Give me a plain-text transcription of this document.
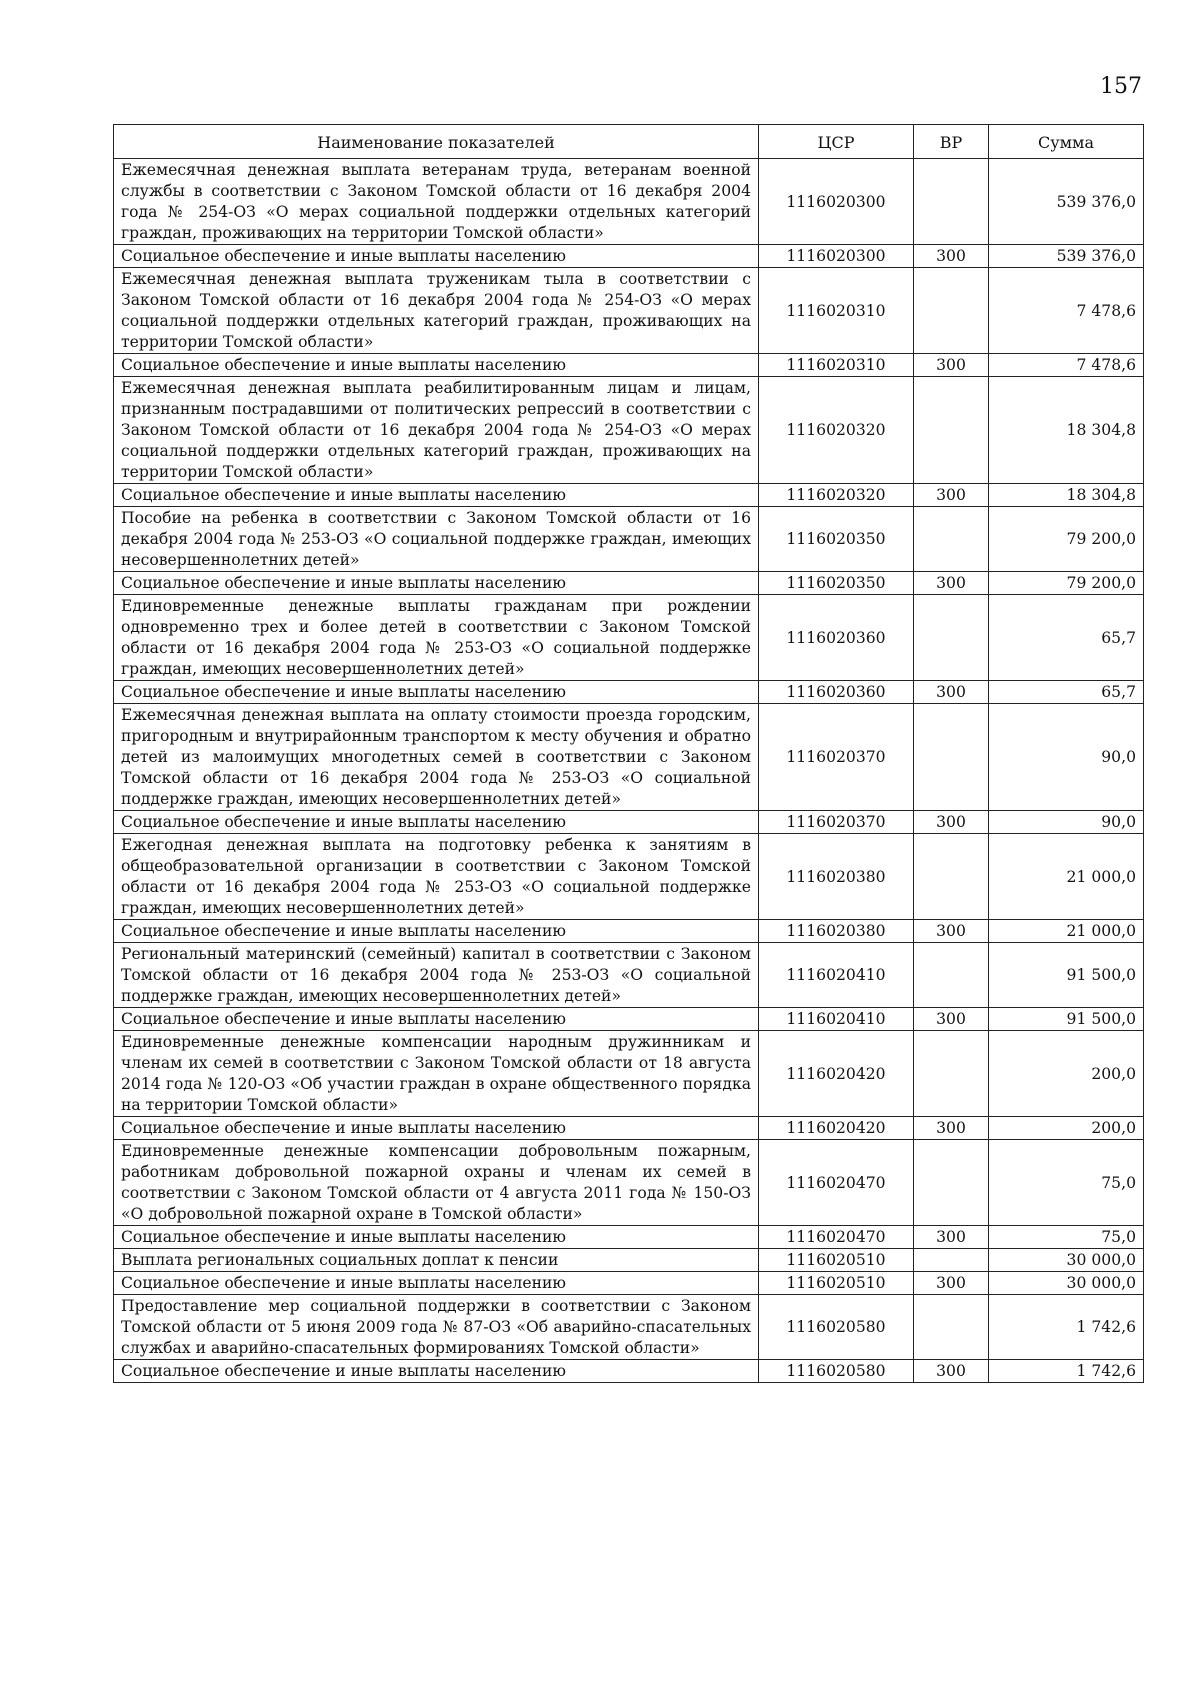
157
Наименование показателей	ЦСР	ВР	Сумма
Ежемесячная денежная выплата ветеранам труда, ветеранам военной службы в соответствии с Законом Томской области от 16 декабря 2004 года № 254-ОЗ «О мерах социальной поддержки отдельных категорий граждан, проживающих на территории Томской области»	1116020300		539 376,0
Социальное обеспечение и иные выплаты населению	1116020300	300	539 376,0
Ежемесячная денежная выплата труженикам тыла в соответствии с Законом Томской области от 16 декабря 2004 года № 254-ОЗ «О мерах социальной поддержки отдельных категорий граждан, проживающих на территории Томской области»	1116020310		7 478,6
Социальное обеспечение и иные выплаты населению	1116020310	300	7 478,6
Ежемесячная денежная выплата реабилитированным лицам и лицам, признанным пострадавшими от политических репрессий в соответствии с Законом Томской области от 16 декабря 2004 года № 254-ОЗ «О мерах социальной поддержки отдельных категорий граждан, проживающих на территории Томской области»	1116020320		18 304,8
Социальное обеспечение и иные выплаты населению	1116020320	300	18 304,8
Пособие на ребенка в соответствии с Законом Томской области от 16 декабря 2004 года № 253-ОЗ «О социальной поддержке граждан, имеющих несовершеннолетних детей»	1116020350		79 200,0
Социальное обеспечение и иные выплаты населению	1116020350	300	79 200,0
Единовременные денежные выплаты гражданам при рождении одновременно трех и более детей в соответствии с Законом Томской области от 16 декабря 2004 года № 253-ОЗ «О социальной поддержке граждан, имеющих несовершеннолетних детей»	1116020360		65,7
Социальное обеспечение и иные выплаты населению	1116020360	300	65,7
Ежемесячная денежная выплата на оплату стоимости проезда городским, пригородным и внутрирайонным транспортом к месту обучения и обратно детей из малоимущих многодетных семей в соответствии с Законом Томской области от 16 декабря 2004 года № 253-ОЗ «О социальной поддержке граждан, имеющих несовершеннолетних детей»	1116020370		90,0
Социальное обеспечение и иные выплаты населению	1116020370	300	90,0
Ежегодная денежная выплата на подготовку ребенка к занятиям в общеобразовательной организации в соответствии с Законом Томской области от 16 декабря 2004 года № 253-ОЗ «О социальной поддержке граждан, имеющих несовершеннолетних детей»	1116020380		21 000,0
Социальное обеспечение и иные выплаты населению	1116020380	300	21 000,0
Региональный материнский (семейный) капитал в соответствии с Законом Томской области от 16 декабря 2004 года № 253-ОЗ «О социальной поддержке граждан, имеющих несовершеннолетних детей»	1116020410		91 500,0
Социальное обеспечение и иные выплаты населению	1116020410	300	91 500,0
Единовременные денежные компенсации народным дружинникам и членам их семей в соответствии с Законом Томской области от 18 августа 2014 года № 120-ОЗ «Об участии граждан в охране общественного порядка на территории Томской области»	1116020420		200,0
Социальное обеспечение и иные выплаты населению	1116020420	300	200,0
Единовременные денежные компенсации добровольным пожарным, работникам добровольной пожарной охраны и членам их семей в соответствии с Законом Томской области от 4 августа 2011 года № 150-ОЗ «О добровольной пожарной охране в Томской области»	1116020470		75,0
Социальное обеспечение и иные выплаты населению	1116020470	300	75,0
Выплата региональных социальных доплат к пенсии	1116020510		30 000,0
Социальное обеспечение и иные выплаты населению	1116020510	300	30 000,0
Предоставление мер социальной поддержки в соответствии с Законом Томской области от 5 июня 2009 года № 87-ОЗ «Об аварийно-спасательных службах и аварийно-спасательных формированиях Томской области»	1116020580		1 742,6
Социальное обеспечение и иные выплаты населению	1116020580	300	1 742,6
